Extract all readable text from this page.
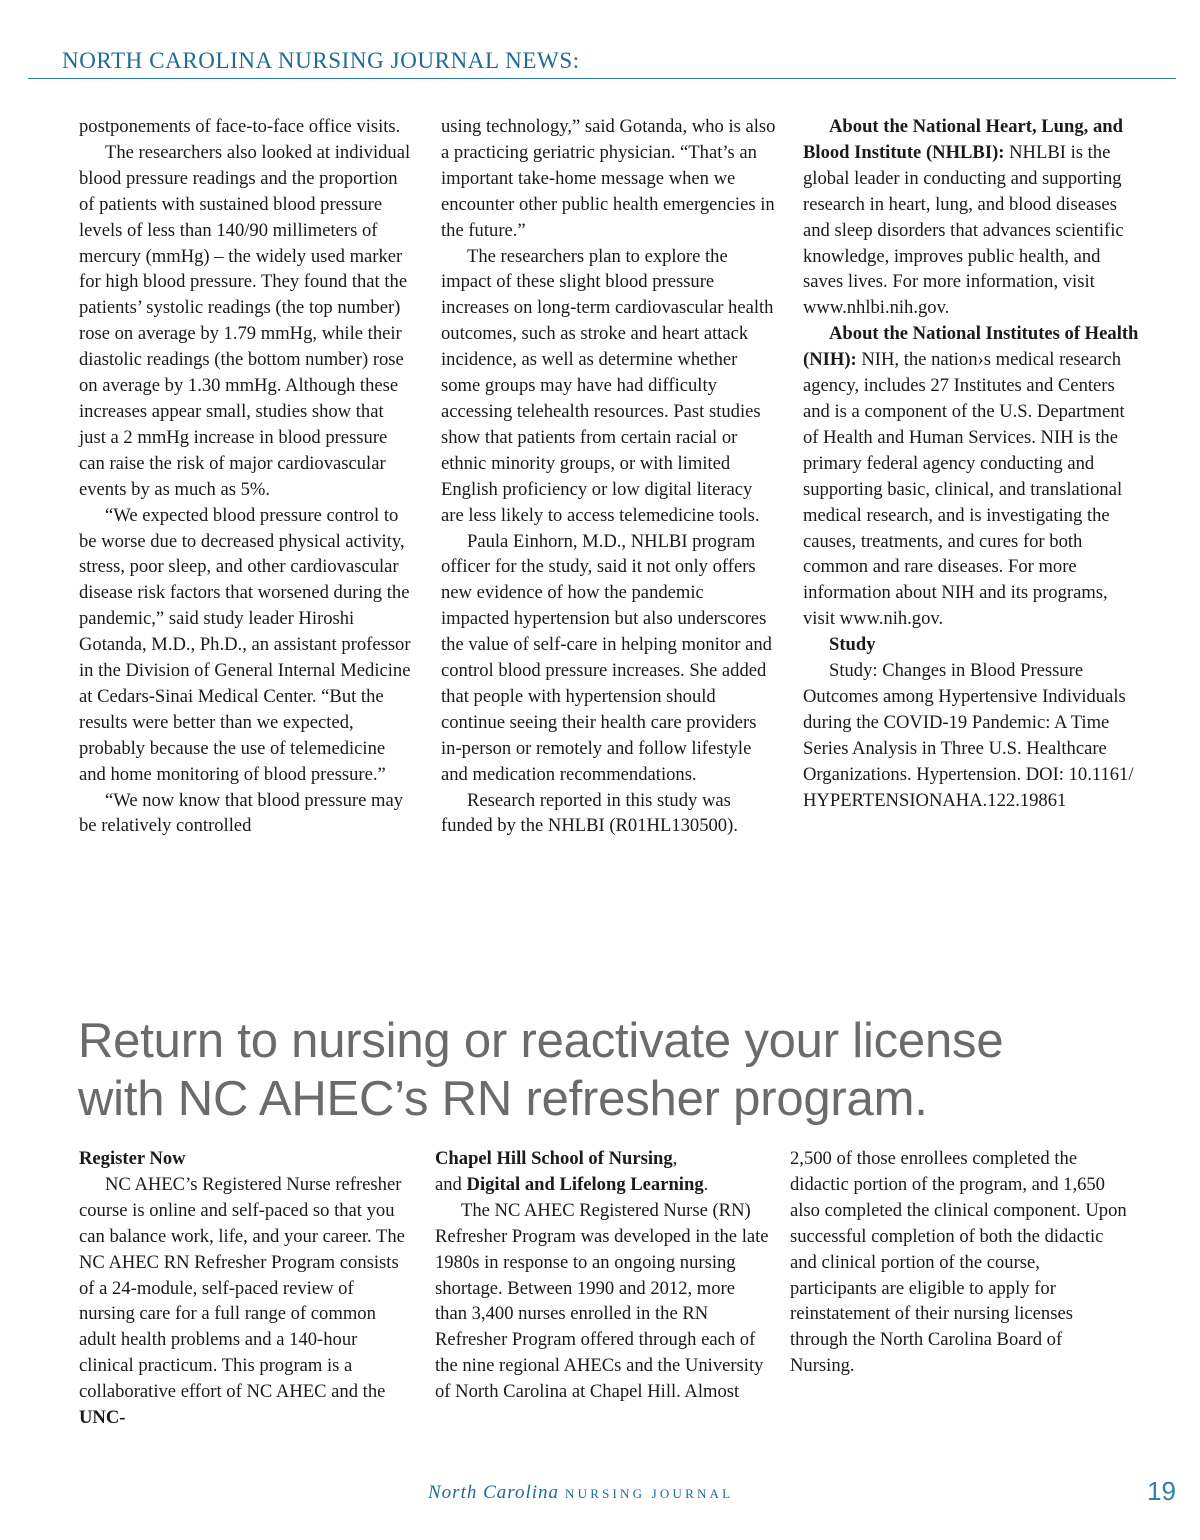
NORTH CAROLINA NURSING JOURNAL NEWS:

postponements of face-to-face office visits.

The researchers also looked at individual blood pressure readings and the proportion of patients with sustained blood pressure levels of less than 140/90 millimeters of mercury (mmHg) – the widely used marker for high blood pressure. They found that the patients’ systolic readings (the top number) rose on average by 1.79 mmHg, while their diastolic readings (the bottom number) rose on average by 1.30 mmHg. Although these increases appear small, studies show that just a 2 mmHg increase in blood pressure can raise the risk of major cardiovascular events by as much as 5%.

“We expected blood pressure control to be worse due to decreased physical activity, stress, poor sleep, and other cardiovascular disease risk factors that worsened during the pandemic,” said study leader Hiroshi Gotanda, M.D., Ph.D., an assistant professor in the Division of General Internal Medicine at Cedars-Sinai Medical Center. “But the results were better than we expected, probably because the use of telemedicine and home monitoring of blood pressure.”

“We now know that blood pressure may be relatively controlled

using technology,” said Gotanda, who is also a practicing geriatric physician. “That’s an important take-home message when we encounter other public health emergencies in the future.”

The researchers plan to explore the impact of these slight blood pressure increases on long-term cardiovascular health outcomes, such as stroke and heart attack incidence, as well as determine whether some groups may have had difficulty accessing telehealth resources. Past studies show that patients from certain racial or ethnic minority groups, or with limited English proficiency or low digital literacy are less likely to access telemedicine tools.

Paula Einhorn, M.D., NHLBI program officer for the study, said it not only offers new evidence of how the pandemic impacted hypertension but also underscores the value of self-care in helping monitor and control blood pressure increases. She added that people with hypertension should continue seeing their health care providers in-person or remotely and follow lifestyle and medication recommendations.

Research reported in this study was funded by the NHLBI (R01HL130500).

About the National Heart, Lung, and Blood Institute (NHLBI): NHLBI is the global leader in conducting and supporting research in heart, lung, and blood diseases and sleep disorders that advances scientific knowledge, improves public health, and saves lives. For more information, visit www.nhlbi.nih.gov.

About the National Institutes of Health (NIH): NIH, the nation›s medical research agency, includes 27 Institutes and Centers and is a component of the U.S. Department of Health and Human Services. NIH is the primary federal agency conducting and supporting basic, clinical, and translational medical research, and is investigating the causes, treatments, and cures for both common and rare diseases. For more information about NIH and its programs, visit www.nih.gov.

Study

Study: Changes in Blood Pressure Outcomes among Hypertensive Individuals during the COVID-19 Pandemic: A Time Series Analysis in Three U.S. Healthcare Organizations. Hypertension. DOI: 10.1161/ HYPERTENSIONAHA.122.19861

Return to nursing or reactivate your license
with NC AHEC’s RN refresher program.

Register Now

NC AHEC’s Registered Nurse refresher course is online and self-paced so that you can balance work, life, and your career. The NC AHEC RN Refresher Program consists of a 24-module, self-paced review of nursing care for a full range of common adult health problems and a 140-hour clinical practicum. This program is a collaborative effort of NC AHEC and the UNC-

Chapel Hill School of Nursing,
and Digital and Lifelong Learning.

The NC AHEC Registered Nurse (RN) Refresher Program was developed in the late 1980s in response to an ongoing nursing shortage. Between 1990 and 2012, more than 3,400 nurses enrolled in the RN Refresher Program offered through each of the nine regional AHECs and the University of North Carolina at Chapel Hill. Almost

2,500 of those enrollees completed the didactic portion of the program, and 1,650 also completed the clinical component. Upon successful completion of both the didactic and clinical portion of the course, participants are eligible to apply for reinstatement of their nursing licenses through the North Carolina Board of Nursing.

North Carolina NURSING JOURNAL	19
